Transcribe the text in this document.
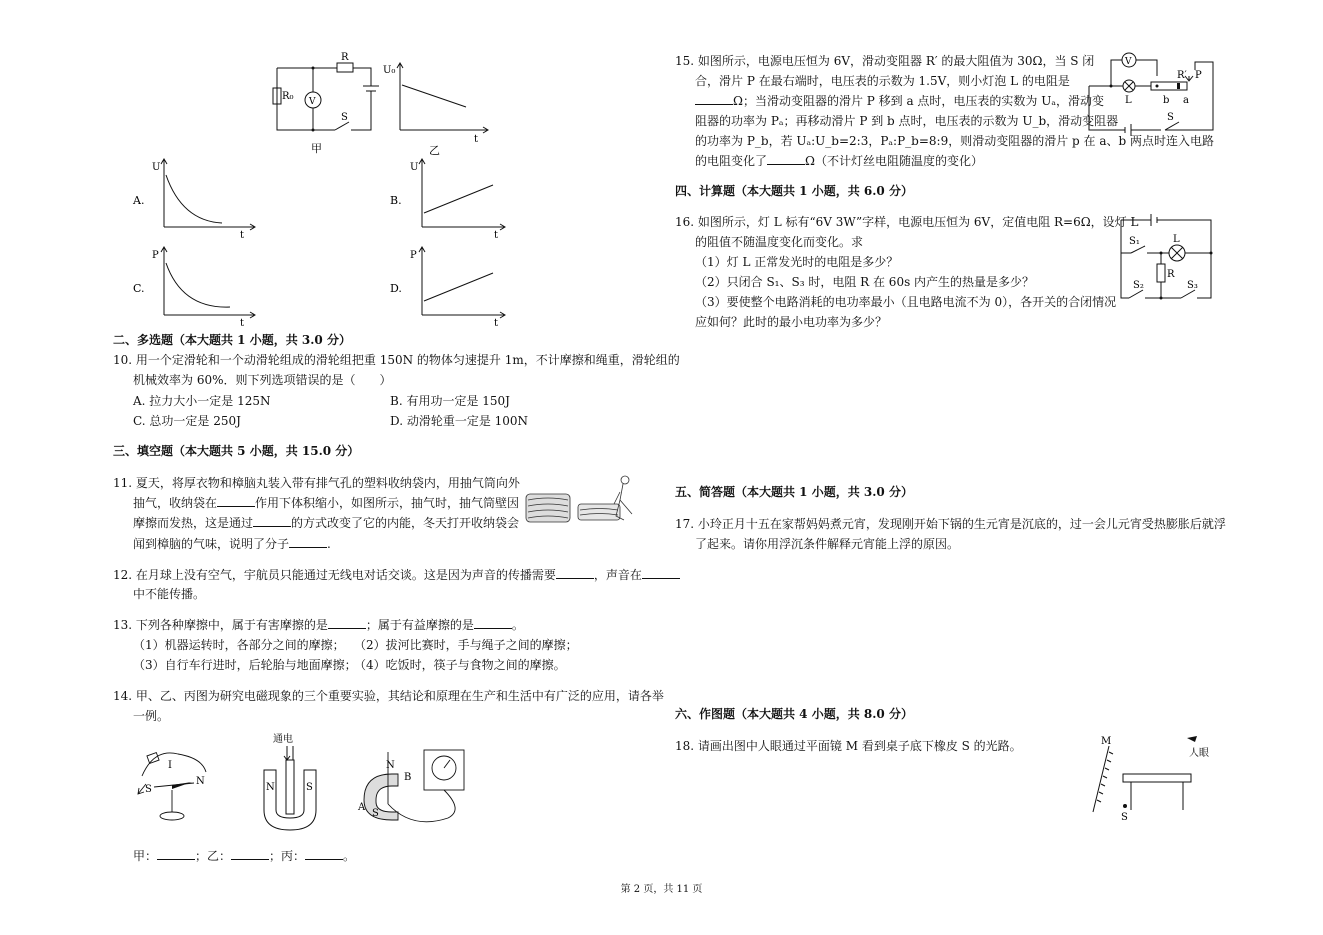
R
R₀ V
S
甲
U₀
t
乙
A.
U
t
B.
U
t
C.
P
t
D.
P
t
二、多选题（本大题共 1 小题，共 3.0 分）
10. 用一个定滑轮和一个动滑轮组成的滑轮组把重 150N 的物体匀速提升 1m，不计摩擦和绳重，滑轮组的
机械效率为 60%．则下列选项错误的是（　　）
A. 拉力大小一定是 125N	B. 有用功一定是 150J
C. 总功一定是 250J	D. 动滑轮重一定是 100N
三、填空题（本大题共 5 小题，共 15.0 分）
11. 夏天，将厚衣物和樟脑丸装入带有排气孔的塑料收纳袋内，用抽气筒向外
抽气，收纳袋在	作用下体积缩小，如图所示，抽气时，抽气筒壁因
摩擦而发热，这是通过	的方式改变了它的内能，冬天打开收纳袋会
闻到樟脑的气味，说明了分子	.
12. 在月球上没有空气，宇航员只能通过无线电对话交谈。这是因为声音的传播需要	，声音在
中不能传播。
13. 下列各种摩擦中，属于有害摩擦的是	；属于有益摩擦的是	。
（1）机器运转时，各部分之间的摩擦； （2）拔河比赛时，手与绳子之间的摩擦；
（3）自行车行进时，后轮胎与地面摩擦；
（4）吃饭时，筷子与食物之间的摩擦。
14. 甲、乙、丙图为研究电磁现象的三个重要实验，其结论和原理在生产和生活中有广泛的应用，请各举
一例。
I
N
S
通电
N	S
N
B
A
S
甲：	；乙：	；丙：	。
15. 如图所示，电源电压恒为 6V，滑动变阻器 R′ 的最大阻值为 30Ω，当 S 闭
合，滑片 P 在最右端时，电压表的示数为 1.5V，则小灯泡 L 的电阻是
Ω；当滑动变阻器的滑片 P 移到 a 点时，电压表的实数为 Uₐ，滑动变
阻器的功率为 Pₐ；再移动滑片 P 到 b 点时，电压表的示数为 U_b，滑动变阻器
的功率为 P_b，若 Uₐ:U_b=2:3，Pₐ:P_b=8:9，则滑动变阻器的滑片 p 在 a、b 两点时连入电路
的电阻变化了	Ω（不计灯丝电阻随温度的变化）
V
L
R′ P
b a
S
四、计算题（本大题共 1 小题，共 6.0 分）
16. 如图所示，灯 L 标有“6V 3W”字样，电源电压恒为 6V，定值电阻 R=6Ω，设灯 L
的阻值不随温度变化而变化。求
（1）灯 L 正常发光时的电阻是多少？
（2）只闭合 S₁、S₃ 时，电阻 R 在 60s 内产生的热量是多少？
（3）要使整个电路消耗的电功率最小（且电路电流不为 0），各开关的合闭情况
应如何？此时的最小电功率为多少？
S₁	L
R
S₂	S₃
五、简答题（本大题共 1 小题，共 3.0 分）
17. 小玲正月十五在家帮妈妈煮元宵，发现刚开始下锅的生元宵是沉底的，过一会儿元宵受热膨胀后就浮
了起来。请你用浮沉条件解释元宵能上浮的原因。
六、作图题（本大题共 4 小题，共 8.0 分）
18. 请画出图中人眼通过平面镜 M 看到桌子底下橡皮 S 的光路。	M
人眼
S
第 2 页，共 11 页
